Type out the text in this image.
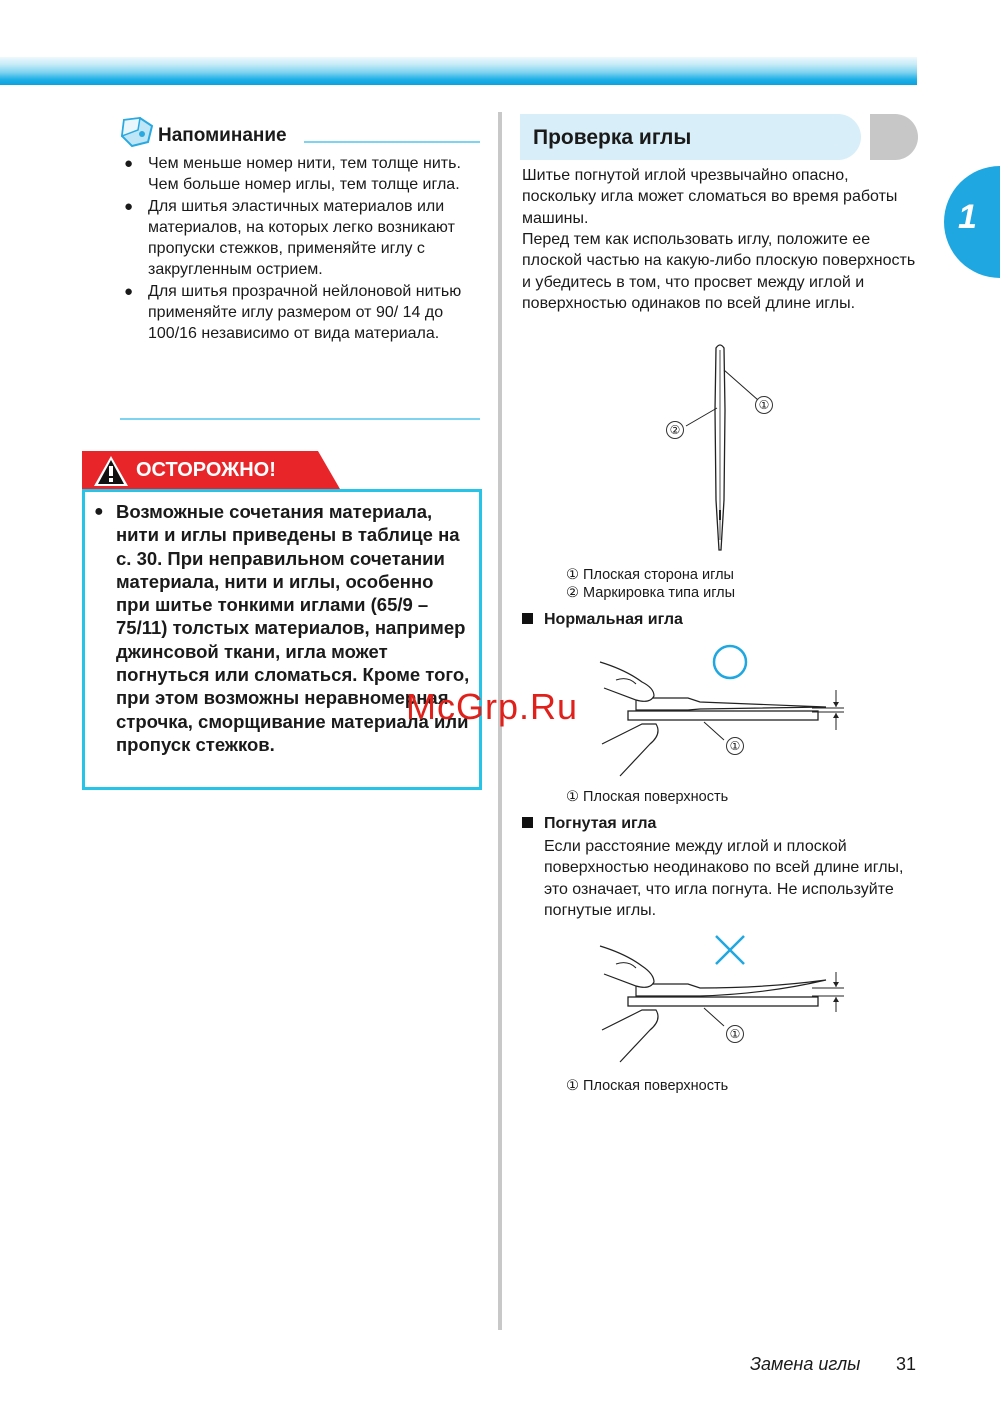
1
Напоминание
● Чем меньше номер нити, тем толще нить. Чем больше номер иглы, тем толще игла.
● Для шитья эластичных материалов или материалов, на которых легко возникают пропуски стежков, применяйте иглу с закругленным острием.
● Для шитья прозрачной нейлоновой нитью применяйте иглу размером от 90/ 14 до 100/16 независимо от вида материала.
ОСТОРОЖНО!
● Возможные сочетания материала, нити и иглы приведены в таблице на с. 30. При неправильном сочетании материала, нити и иглы, особенно при шитье тонкими иглами (65/9 – 75/11) толстых материалов, например джинсовой ткани, игла может погнуться или сломаться. Кроме того, при этом возможны неравномерная строчка, сморщивание материала или пропуск стежков.
Проверка иглы
Шитье погнутой иглой чрезвычайно опасно, поскольку игла может сломаться во время работы машины.
Перед тем как использовать иглу, положите ее плоской частью на какую-либо плоскую поверхность и убедитесь в том, что просвет между иглой и поверхностью одинаков по всей длине иглы.
①
②
① Плоская сторона иглы
② Маркировка типа иглы
Нормальная игла
①
① Плоская поверхность
Погнутая игла
Если расстояние между иглой и плоской поверхностью неодинаково по всей длине иглы, это означает, что игла погнута. Не используйте погнутые иглы.
①
① Плоская поверхность
McGrp.Ru
Замена иглы 31
